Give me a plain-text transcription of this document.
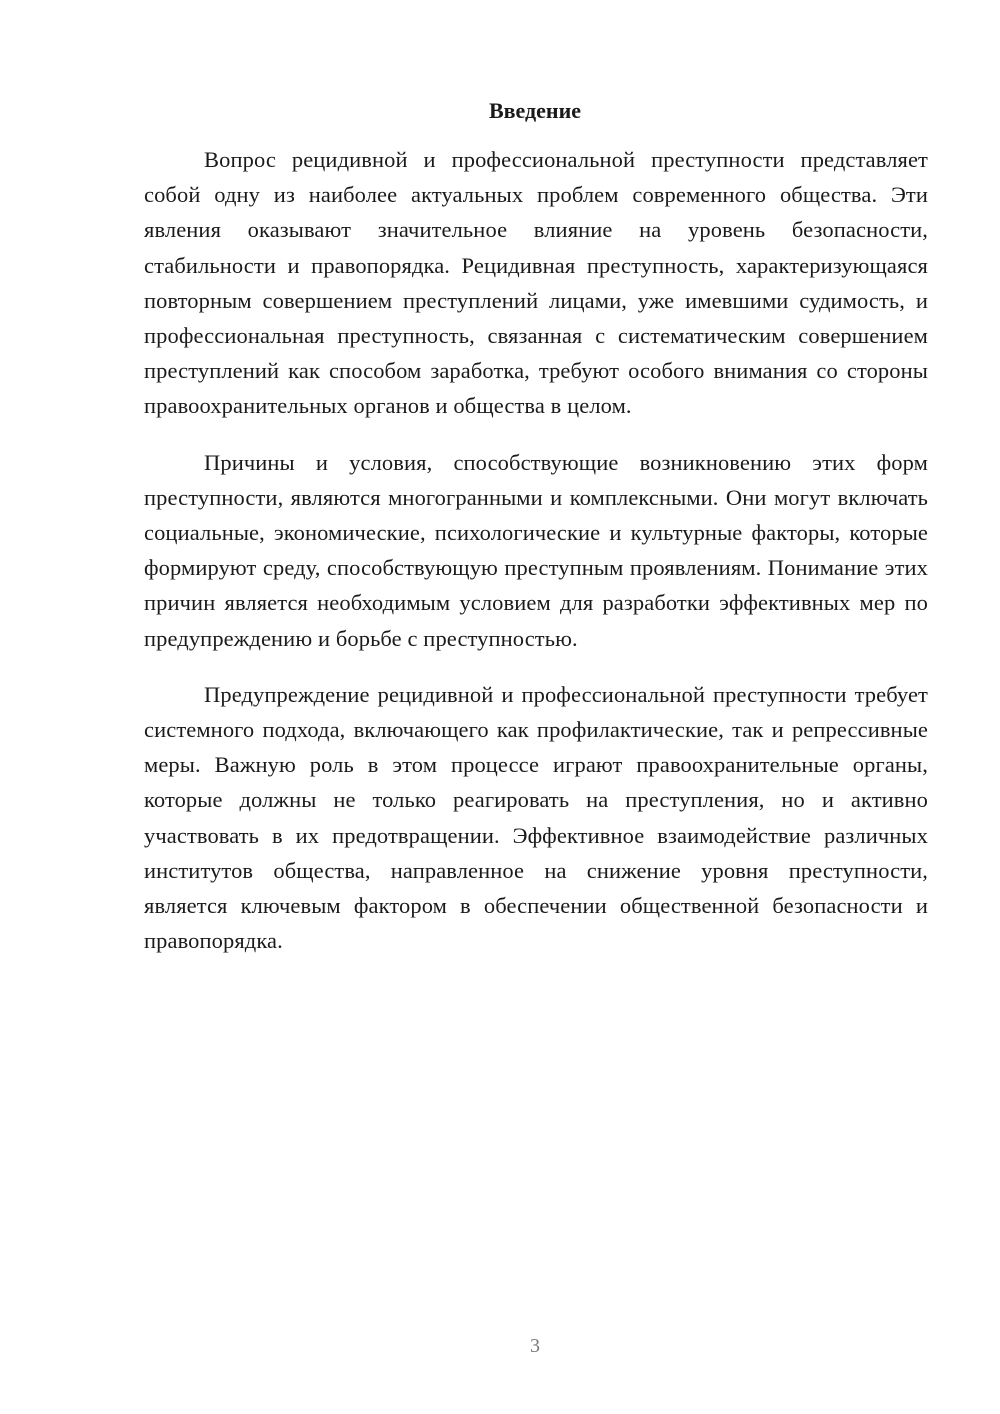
Введение

Вопрос рецидивной и профессиональной преступности представляет собой одну из наиболее актуальных проблем современного общества. Эти явления оказывают значительное влияние на уровень безопасности, стабильности и правопорядка. Рецидивная преступность, характеризующаяся повторным совершением преступлений лицами, уже имевшими судимость, и профессиональная преступность, связанная с систематическим совершением преступлений как способом заработка, требуют особого внимания со стороны правоохранительных органов и общества в целом.

Причины и условия, способствующие возникновению этих форм преступности, являются многогранными и комплексными. Они могут включать социальные, экономические, психологические и культурные факторы, которые формируют среду, способствующую преступным проявлениям. Понимание этих причин является необходимым условием для разработки эффективных мер по предупреждению и борьбе с преступностью.

Предупреждение рецидивной и профессиональной преступности требует системного подхода, включающего как профилактические, так и репрессивные меры. Важную роль в этом процессе играют правоохранительные органы, которые должны не только реагировать на преступления, но и активно участвовать в их предотвращении. Эффективное взаимодействие различных институтов общества, направленное на снижение уровня преступности, является ключевым фактором в обеспечении общественной безопасности и правопорядка.

3
